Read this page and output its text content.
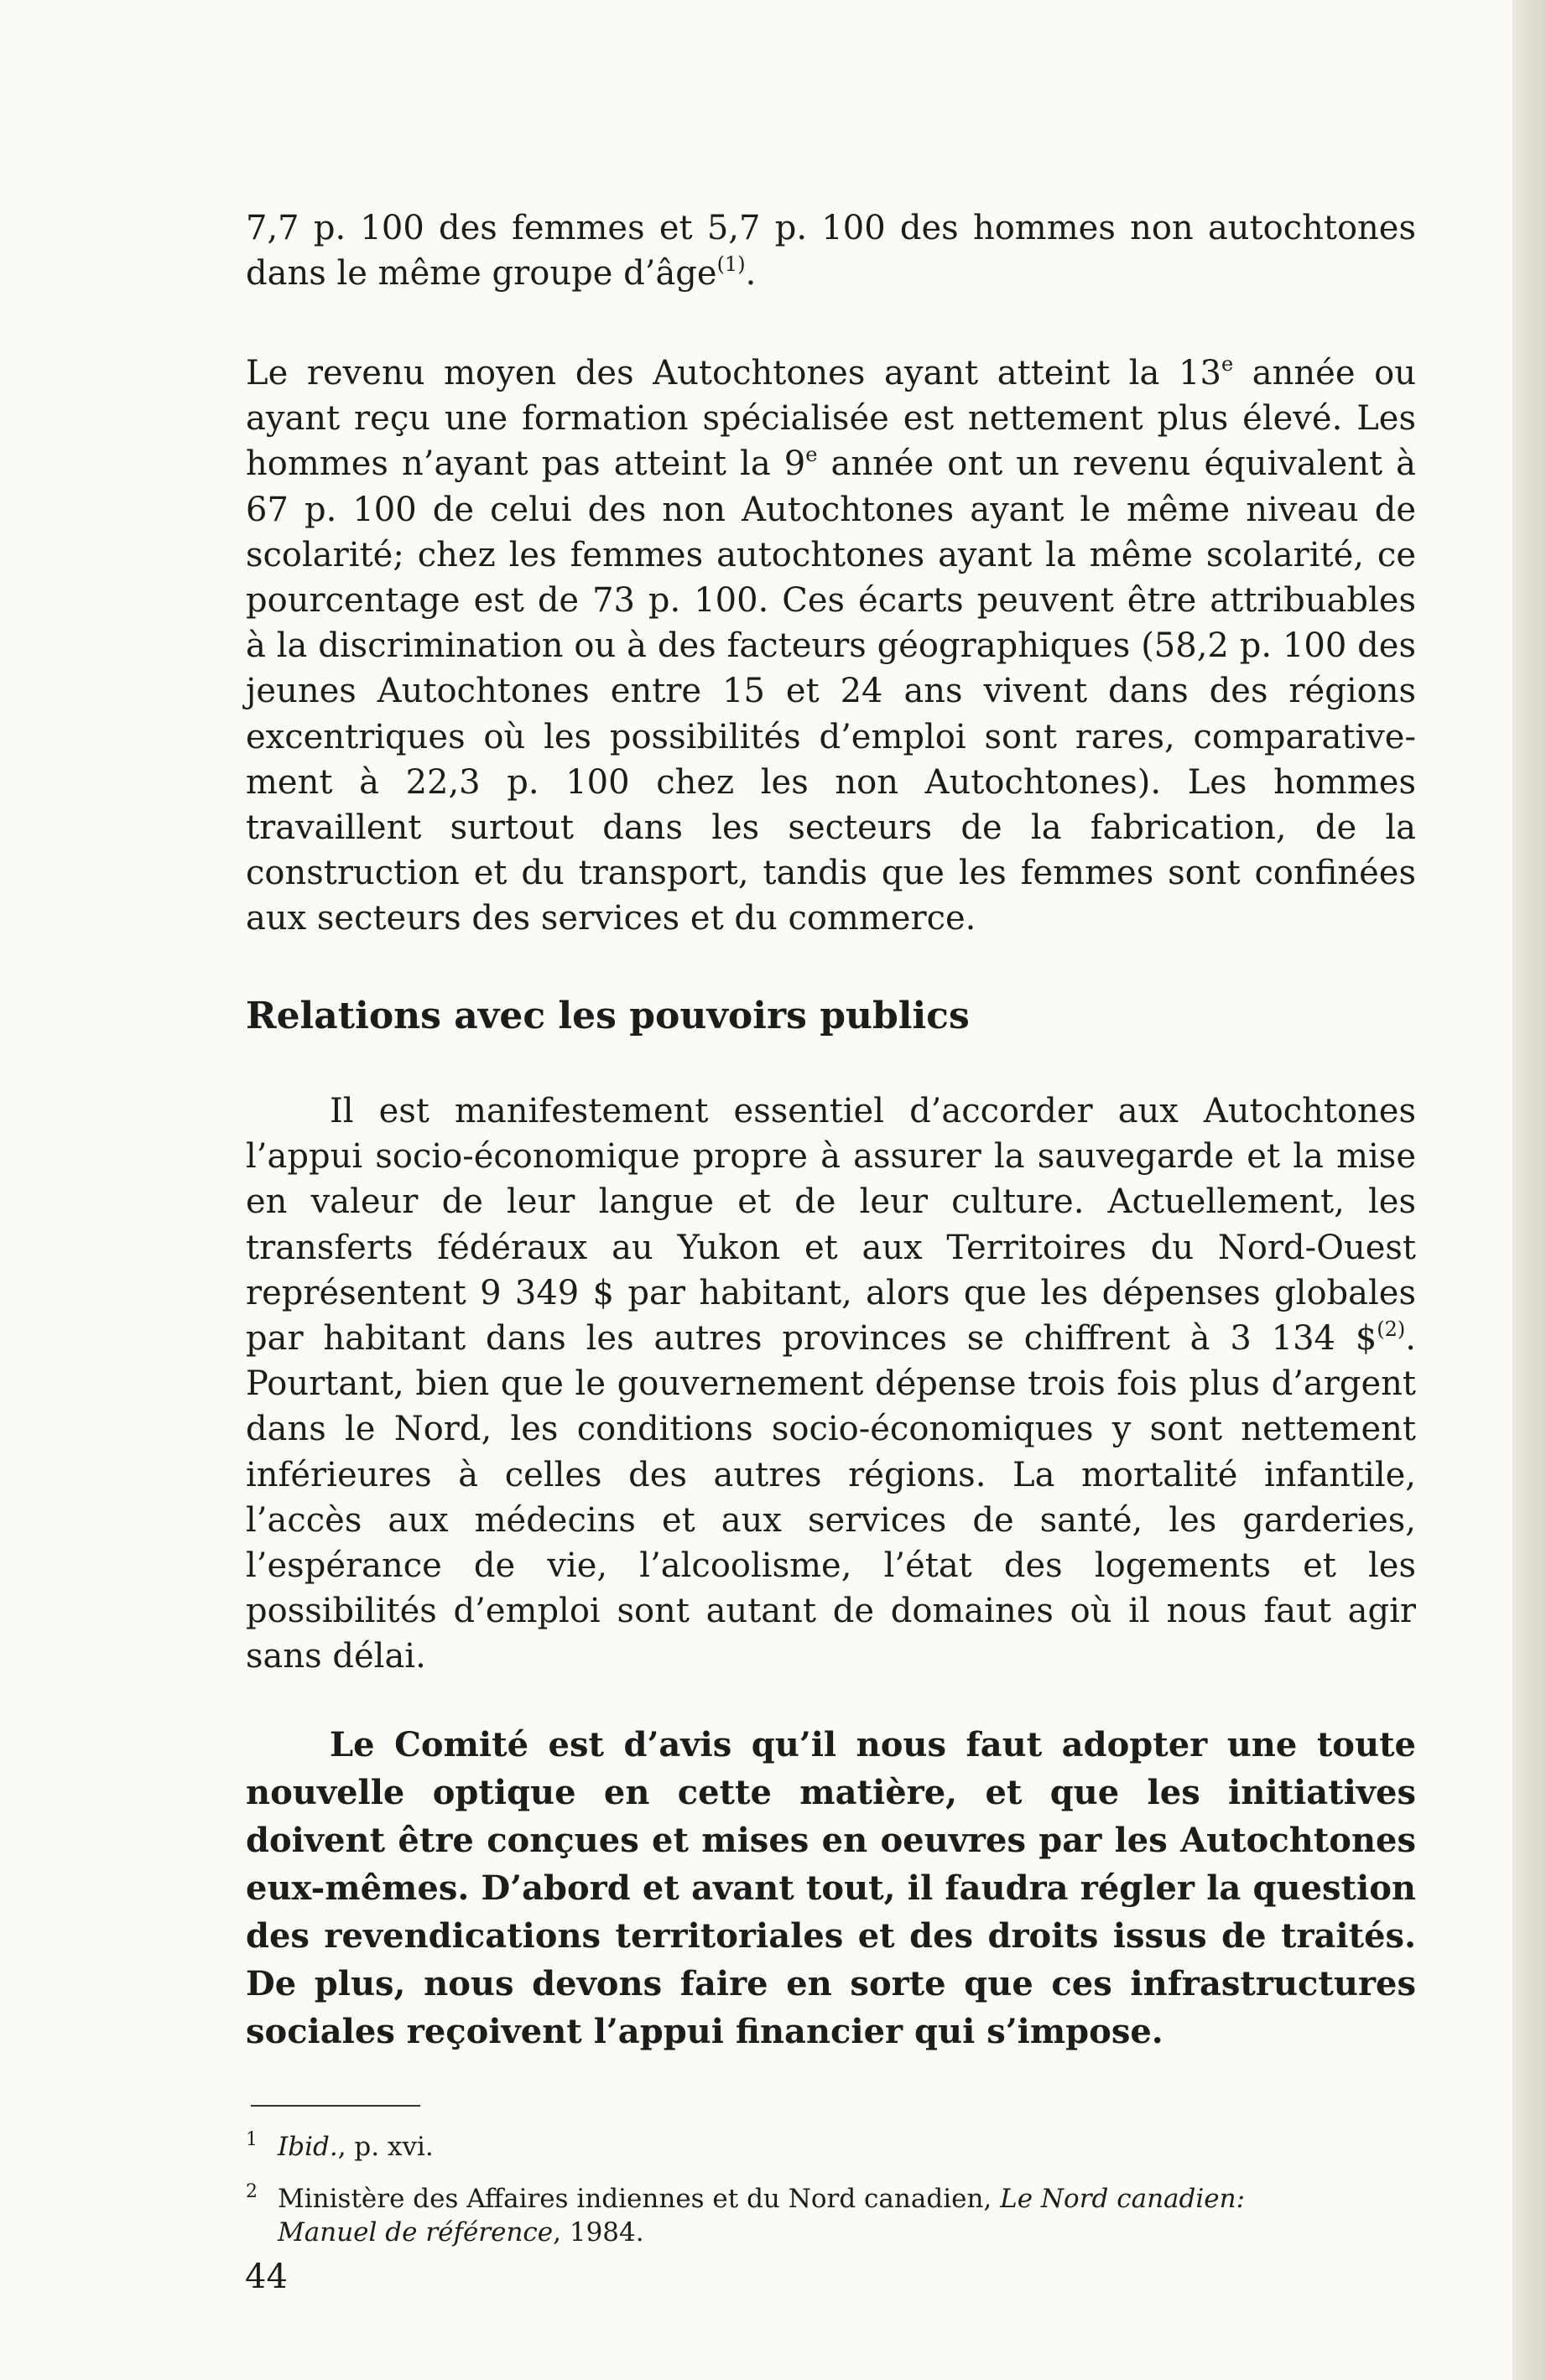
7,7 p. 100 des femmes et 5,7 p. 100 des hommes non autochtones dans le même groupe d’âge$^{(1)}$.

Le revenu moyen des Autochtones ayant atteint la 13e année ou ayant reçu une formation spécialisée est nettement plus élevé. Les hommes n’ayant pas atteint la 9e année ont un revenu équivalent à 67 p. 100 de celui des non Autochtones ayant le même niveau de scolarité; chez les femmes autochtones ayant la même scolarité, ce pourcentage est de 73 p. 100. Ces écarts peuvent être attribuables à la discrimination ou à des facteurs géographiques (58,2 p. 100 des jeunes Autochtones entre 15 et 24 ans vivent dans des régions excentriques où les possibilités d’emploi sont rares, comparativement à 22,3 p. 100 chez les non Autochtones). Les hommes travaillent surtout dans les secteurs de la fabrication, de la construction et du transport, tandis que les femmes sont confinées aux secteurs des services et du commerce.

Relations avec les pouvoirs publics

Il est manifestement essentiel d’accorder aux Autochtones l’appui socio-économique propre à assurer la sauvegarde et la mise en valeur de leur langue et de leur culture. Actuellement, les transferts fédéraux au Yukon et aux Territoires du Nord-Ouest représentent 9 349 $ par habitant, alors que les dépenses globales par habitant dans les autres provinces se chiffrent à 3 134 \$$^{(2)}$. Pourtant, bien que le gouvernement dépense trois fois plus d’argent dans le Nord, les conditions socio-économiques y sont nettement inférieures à celles des autres régions. La mortalité infantile, l’accès aux médecins et aux services de santé, les garderies, l’espérance de vie, l’alcoolisme, l’état des logements et les possibilités d’emploi sont autant de domaines où il nous faut agir sans délai.

Le Comité est d’avis qu’il nous faut adopter une toute nouvelle optique en cette matière, et que les initiatives doivent être conçues et mises en oeuvres par les Autochtones eux-mêmes. D’abord et avant tout, il faudra régler la question des revendications territoriales et des droits issus de traités. De plus, nous devons faire en sorte que ces infrastructures sociales reçoivent l’appui financier qui s’impose.

1 Ibid., p. xvi.

2 Ministère des Affaires indiennes et du Nord canadien, Le Nord canadien:
Manuel de référence, 1984.

44
